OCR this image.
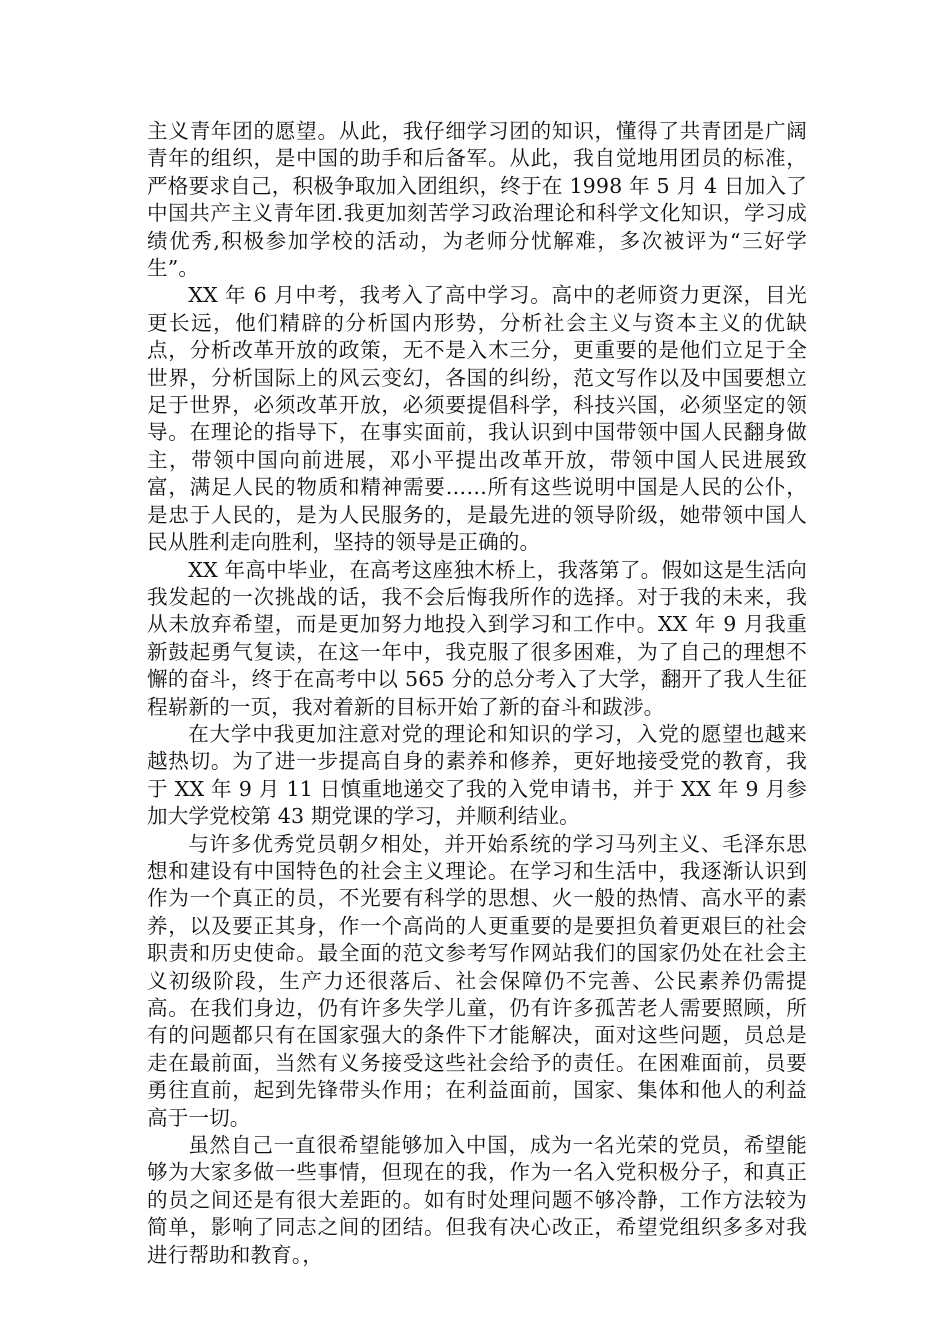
主义青年团的愿望。从此，我仔细学习团的知识，懂得了共青团是广阔青年的组织，是中国的助手和后备军。从此，我自觉地用团员的标准，严格要求自己，积极争取加入团组织，终于在 1998 年 5 月 4 日加入了中国共产主义青年团.我更加刻苦学习政治理论和科学文化知识，学习成绩优秀,积极参加学校的活动，为老师分忧解难，多次被评为“三好学生”。

XX 年 6 月中考，我考入了高中学习。高中的老师资力更深，目光更长远，他们精辟的分析国内形势，分析社会主义与资本主义的优缺点，分析改革开放的政策，无不是入木三分，更重要的是他们立足于全世界，分析国际上的风云变幻，各国的纠纷，范文写作以及中国要想立足于世界，必须改革开放，必须要提倡科学，科技兴国，必须坚定的领导。在理论的指导下，在事实面前，我认识到中国带领中国人民翻身做主，带领中国向前进展，邓小平提出改革开放，带领中国人民进展致富，满足人民的物质和精神需要……所有这些说明中国是人民的公仆，是忠于人民的，是为人民服务的，是最先进的领导阶级，她带领中国人民从胜利走向胜利，坚持的领导是正确的。

XX 年高中毕业，在高考这座独木桥上，我落第了。假如这是生活向我发起的一次挑战的话，我不会后悔我所作的选择。对于我的未来，我从未放弃希望，而是更加努力地投入到学习和工作中。XX 年 9 月我重新鼓起勇气复读，在这一年中，我克服了很多困难，为了自己的理想不懈的奋斗，终于在高考中以 565 分的总分考入了大学，翻开了我人生征程崭新的一页，我对着新的目标开始了新的奋斗和跋涉。

在大学中我更加注意对党的理论和知识的学习，入党的愿望也越来越热切。为了进一步提高自身的素养和修养，更好地接受党的教育，我于 XX 年 9 月 11 日慎重地递交了我的入党申请书，并于 XX 年 9 月参加大学党校第 43 期党课的学习，并顺利结业。

与许多优秀党员朝夕相处，并开始系统的学习马列主义、毛泽东思想和建设有中国特色的社会主义理论。在学习和生活中，我逐渐认识到作为一个真正的员，不光要有科学的思想、火一般的热情、高水平的素养，以及要正其身，作一个高尚的人更重要的是要担负着更艰巨的社会职责和历史使命。最全面的范文参考写作网站我们的国家仍处在社会主义初级阶段，生产力还很落后、社会保障仍不完善、公民素养仍需提高。在我们身边，仍有许多失学儿童，仍有许多孤苦老人需要照顾，所有的问题都只有在国家强大的条件下才能解决，面对这些问题，员总是走在最前面，当然有义务接受这些社会给予的责任。在困难面前，员要勇往直前，起到先锋带头作用；在利益面前，国家、集体和他人的利益高于一切。

虽然自己一直很希望能够加入中国，成为一名光荣的党员，希望能够为大家多做一些事情，但现在的我，作为一名入党积极分子，和真正的员之间还是有很大差距的。如有时处理问题不够冷静，工作方法较为简单，影响了同志之间的团结。但我有决心改正，希望党组织多多对我进行帮助和教育。，
